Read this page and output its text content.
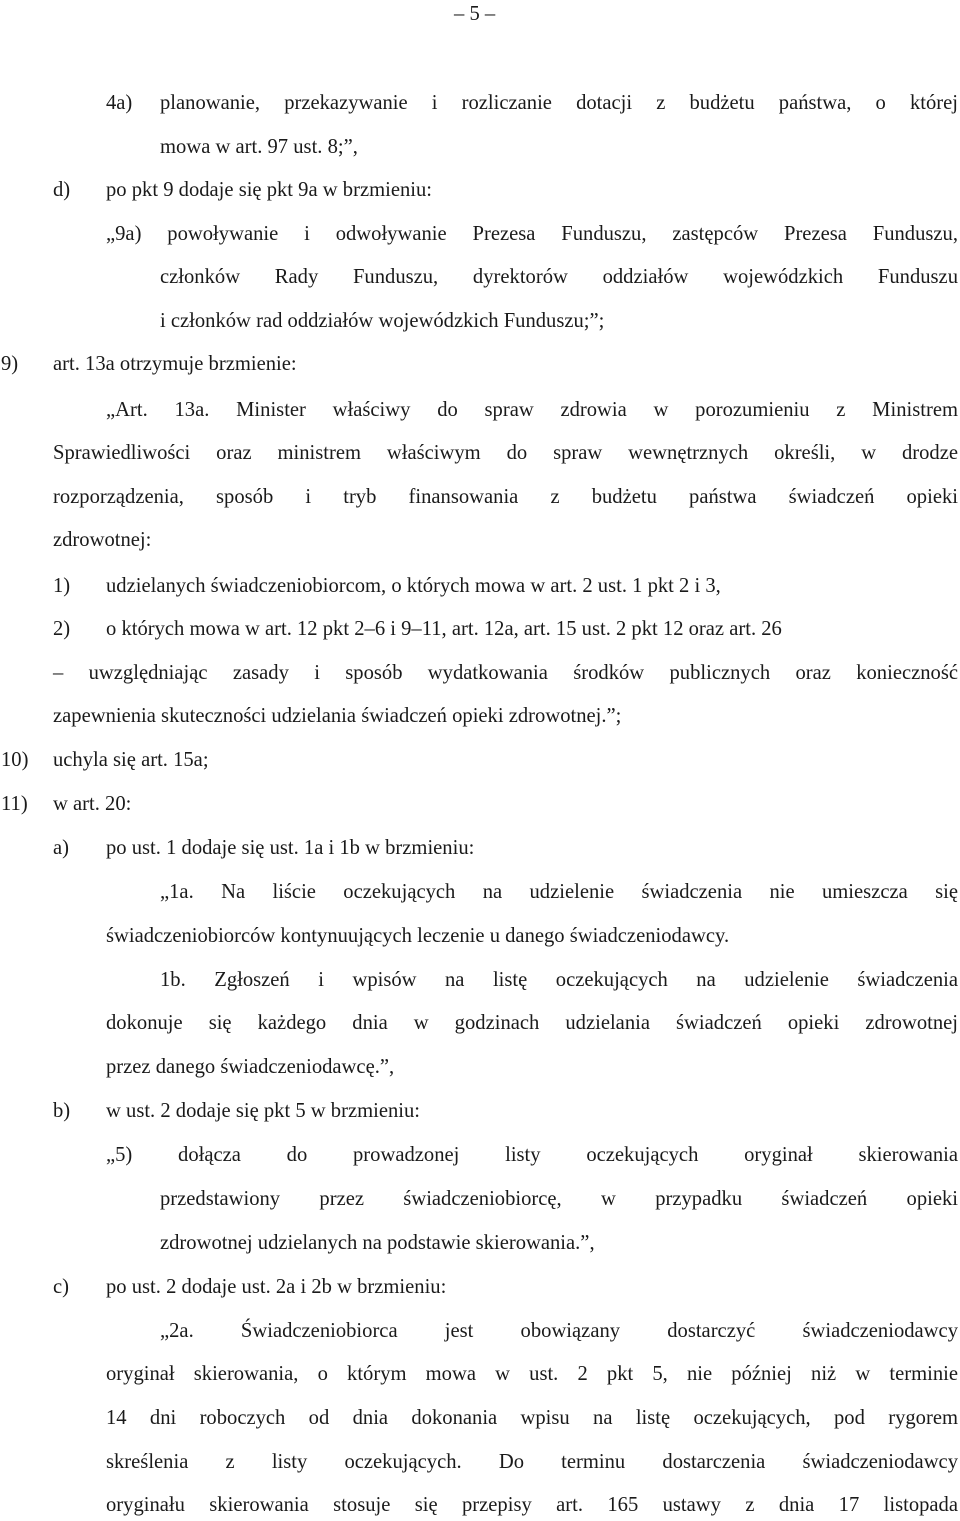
– 5 –
4a) planowanie, przekazywanie i rozliczanie dotacji z budżetu państwa, o której
mowa w art. 97 ust. 8;”,
d) po pkt 9 dodaje się pkt 9a w brzmieniu:
„9a) powoływanie i odwoływanie Prezesa Funduszu, zastępców Prezesa Funduszu,
członków Rady Funduszu, dyrektorów oddziałów wojewódzkich Funduszu
i członków rad oddziałów wojewódzkich Funduszu;”;
9) art. 13a otrzymuje brzmienie:
„Art. 13a. Minister właściwy do spraw zdrowia w porozumieniu z Ministrem
Sprawiedliwości oraz ministrem właściwym do spraw wewnętrznych określi, w drodze
rozporządzenia, sposób i tryb finansowania z budżetu państwa świadczeń opieki
zdrowotnej:
1) udzielanych świadczeniobiorcom, o których mowa w art. 2 ust. 1 pkt 2 i 3,
2) o których mowa w art. 12 pkt 2–6 i 9–11, art. 12a, art. 15 ust. 2 pkt 12 oraz art. 26
– uwzględniając zasady i sposób wydatkowania środków publicznych oraz konieczność
zapewnienia skuteczności udzielania świadczeń opieki zdrowotnej.”;
10) uchyla się art. 15a;
11) w art. 20:
a) po ust. 1 dodaje się ust. 1a i 1b w brzmieniu:
„1a. Na liście oczekujących na udzielenie świadczenia nie umieszcza się
świadczeniobiorców kontynuujących leczenie u danego świadczeniodawcy.
1b. Zgłoszeń i wpisów na listę oczekujących na udzielenie świadczenia
dokonuje się każdego dnia w godzinach udzielania świadczeń opieki zdrowotnej
przez danego świadczeniodawcę.”,
b) w ust. 2 dodaje się pkt 5 w brzmieniu:
„5) dołącza do prowadzonej listy oczekujących oryginał skierowania
przedstawiony przez świadczeniobiorcę, w przypadku świadczeń opieki
zdrowotnej udzielanych na podstawie skierowania.”,
c) po ust. 2 dodaje ust. 2a i 2b w brzmieniu:
„2a. Świadczeniobiorca jest obowiązany dostarczyć świadczeniodawcy
oryginał skierowania, o którym mowa w ust. 2 pkt 5, nie później niż w terminie
14 dni roboczych od dnia dokonania wpisu na listę oczekujących, pod rygorem
skreślenia z listy oczekujących. Do terminu dostarczenia świadczeniodawcy
oryginału skierowania stosuje się przepisy art. 165 ustawy z dnia 17 listopada
